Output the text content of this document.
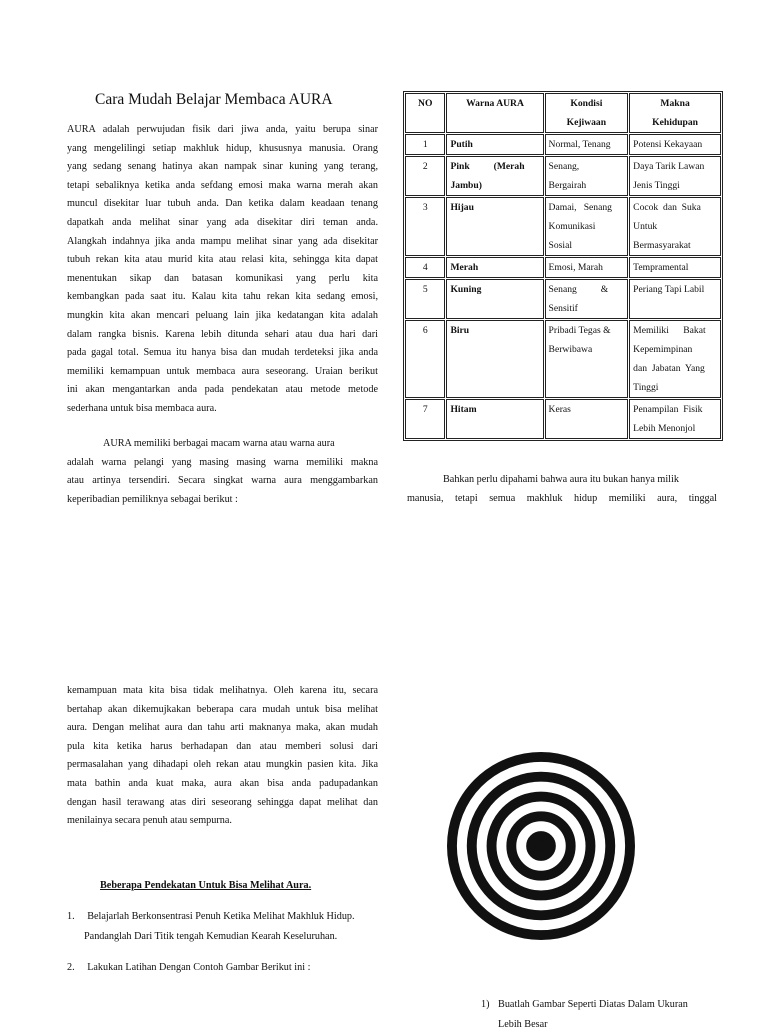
Cara Mudah Belajar Membaca AURA
AURA adalah perwujudan fisik dari jiwa anda, yaitu berupa sinar
yang mengelilingi setiap makhluk hidup, khususnya manusia. Orang
yang sedang senang hatinya akan nampak sinar kuning yang terang,
tetapi sebaliknya ketika anda sefdang emosi maka warna merah akan
muncul disekitar luar tubuh anda. Dan ketika dalam keadaan tenang
dapatkah anda melihat sinar yang ada disekitar diri teman anda.
Alangkah indahnya jika anda mampu melihat sinar yang ada disekitar
tubuh rekan kita atau murid kita atau relasi kita, sehingga kita dapat
menentukan sikap dan batasan komunikasi yang perlu kita
kembangkan pada saat itu. Kalau kita tahu rekan kita sedang emosi,
mungkin kita akan mencari peluang lain jika kedatangan kita adalah
dalam rangka bisnis. Karena lebih ditunda sehari atau dua hari dari
pada gagal total. Semua itu hanya bisa dan mudah terdeteksi jika anda
memiliki kemampuan untuk membaca aura seseorang. Uraian berikut
ini akan mengantarkan anda pada pendekatan atau metode metode
sederhana untuk bisa membaca aura.
AURA memiliki berbagai macam warna atau warna aura
adalah warna pelangi yang masing masing warna memiliki makna
atau artinya tersendiri. Secara singkat warna aura menggambarkan
keperibadian pemiliknya sebagai berikut :
kemampuan mata kita bisa tidak melihatnya. Oleh karena itu, secara
bertahap akan dikemujkakan beberapa cara mudah untuk bisa melihat
aura. Dengan melihat aura dan tahu arti maknanya maka, akan mudah
pula kita ketika harus berhadapan dan atau memberi solusi dari
permasalahan yang dihadapi oleh rekan atau mungkin pasien kita. Jika
mata bathin anda kuat maka, aura akan bisa anda padupadankan
dengan hasil terawang atas diri seseorang sehingga dapat melihat dan
menilainya secara penuh atau sempurna.
Beberapa Pendekatan Untuk Bisa Melihat Aura.
1. Belajarlah Berkonsentrasi Penuh Ketika Melihat Makhluk Hidup.
Pandanglah Dari Titik tengah Kemudian Kearah Keseluruhan.
2. Lakukan Latihan Dengan Contoh Gambar Berikut ini :
NO	Warna AURA	Kondisi
Kejiwaan	Makna
Kehidupan
1	Putih	Normal, Tenang	Potensi Kekayaan

2	Pink          (Merah
Jambu)	Senang,
Bergairah	Daya Tarik Lawan
Jenis Tinggi

3	Hijau	Damai,   Senang
Komunikasi
Sosial	Cocok  dan  Suka
Untuk
Bermasyarakat

4	Merah	Emosi, Marah	Tempramental

5	Kuning	Senang          &
Sensitif	Periang Tapi Labil

6	Biru	Pribadi Tegas &
Berwibawa	Memiliki      Bakat
Kepemimpinan
dan  Jabatan  Yang
Tinggi

7	Hitam	Keras	Penampilan  Fisik
Lebih Menonjol
Bahkan perlu dipahami bahwa aura itu bukan hanya milik
manusia, tetapi semua makhluk hidup memiliki aura, tinggal
1) Buatlah Gambar Seperti Diatas Dalam Ukuran
Lebih Besar
